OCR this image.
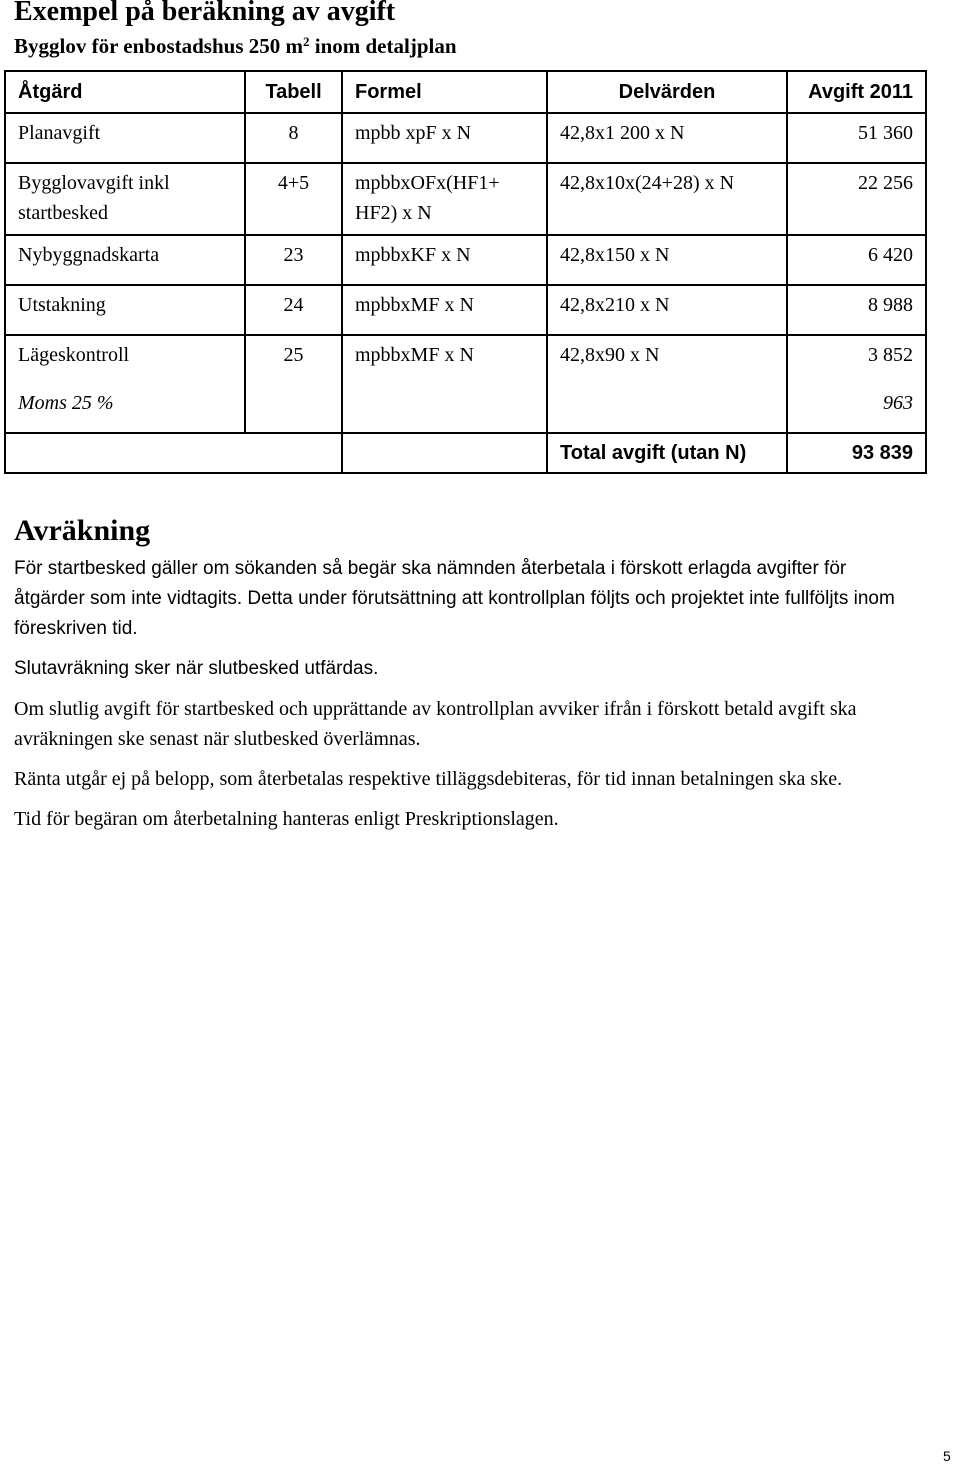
Exempel på beräkning av avgift
Bygglov för enbostadshus 250 $m^2$ inom detaljplan
Åtgärd	Tabell	Formel	Delvärden	Avgift 2011
Planavgift	8	mpbb xpF x N	42,8x1 200 x N	51 360
Bygglovavgift inkl startbesked	4+5	mpbbxOFx(HF1+ HF2) x N	42,8x10x(24+28) x N	22 256
Nybyggnadskarta	23	mpbbxKF x N	42,8x150 x N	6 420
Utstakning	24	mpbbxMF x N	42,8x210 x N	8 988
Lägeskontroll	25	mpbbxMF x N	42,8x90 x N	3 852
Moms 25 %				963
			Total avgift (utan N)	93 839
Avräkning

För startbesked gäller om sökanden så begär ska nämnden återbetala i förskott erlagda avgifter för åtgärder som inte vidtagits. Detta under förutsättning att kontrollplan följts och projektet inte fullföljts inom föreskriven tid.

Slutavräkning sker när slutbesked utfärdas.

Om slutlig avgift för startbesked och upprättande av kontrollplan avviker ifrån i förskott betald avgift ska avräkningen ske senast när slutbesked överlämnas.

Ränta utgår ej på belopp, som återbetalas respektive tilläggsdebiteras, för tid innan betalningen ska ske.

Tid för begäran om återbetalning hanteras enligt Preskriptionslagen.

5
